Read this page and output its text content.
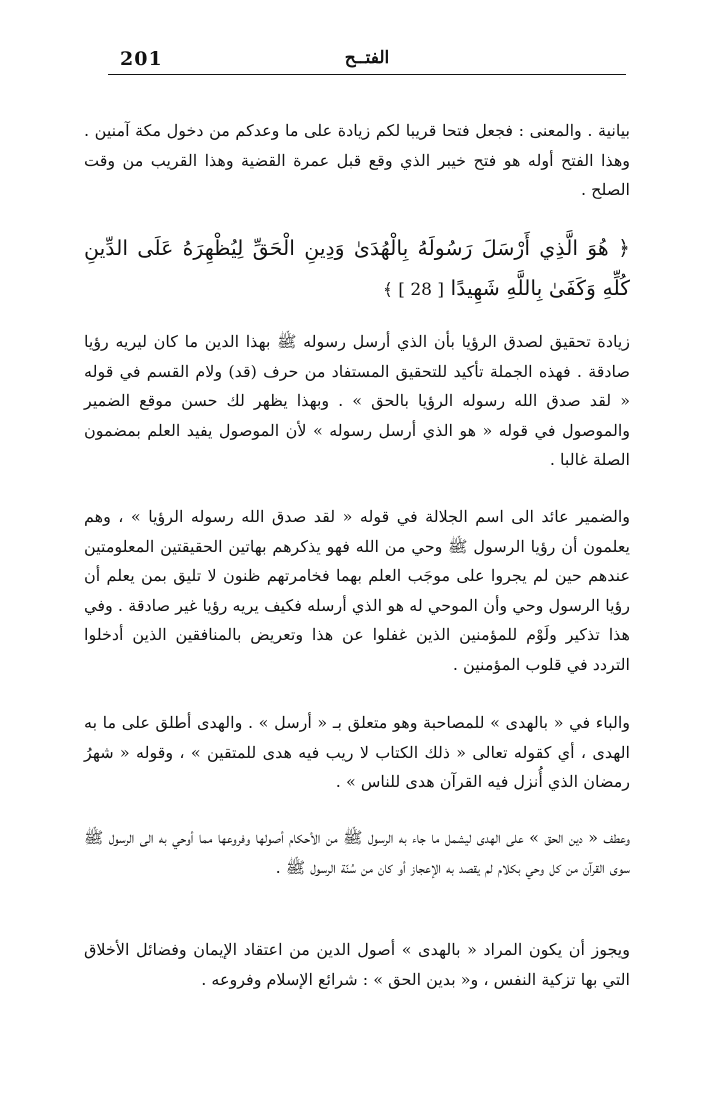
201	الفتــح

بيانية . والمعنى : فجعل فتحا قريبا لكم زيادة على ما وعدكم من دخول مكة آمنين . وهذا الفتح أوله هو فتح خيبر الذي وقع قبل عمرة القضية وهذا القريب من وقت الصلح .

﴿ هُوَ الَّذِي أَرْسَلَ رَسُولَهُ بِالْهُدَىٰ وَدِينِ الْحَقِّ لِيُظْهِرَهُ عَلَى الدِّينِ كُلِّهِ وَكَفَىٰ بِاللَّهِ شَهِيدًا [ 28 ] ﴾

زيادة تحقيق لصدق الرؤيا بأن الذي أرسل رسوله ﷺ بهذا الدين ما كان ليريه رؤيا صادقة . فهذه الجملة تأكيد للتحقيق المستفاد من حرف (قد) ولام القسم في قوله « لقد صدق الله رسوله الرؤيا بالحق » . وبهذا يظهر لك حسن موقع الضمير والموصول في قوله « هو الذي أرسل رسوله » لأن الموصول يفيد العلم بمضمون الصلة غالبا .

والضمير عائد الى اسم الجلالة في قوله « لقد صدق الله رسوله الرؤيا » ، وهم يعلمون أن رؤيا الرسول ﷺ وحي من الله فهو يذكرهم بهاتين الحقيقتين المعلومتين عندهم حين لم يجروا على موجَب العلم بهما فخامرتهم ظنون لا تليق بمن يعلم أن رؤيا الرسول وحي وأن الموحي له هو الذي أرسله فكيف يريه رؤيا غير صادقة . وفي هذا تذكير ولَوْم للمؤمنين الذين غفلوا عن هذا وتعريض بالمنافقين الذين أدخلوا التردد في قلوب المؤمنين .

والباء في « بالهدى » للمصاحبة وهو متعلق بـ « أرسل » . والهدى أطلق على ما به الهدى ، أي كقوله تعالى « ذلك الكتاب لا ريب فيه هدى للمتقين » ، وقوله « شهرُ رمضان الذي أُنزل فيه القرآن هدى للناس » .

وعطف « دين الحق » على الهدى ليشمل ما جاء به الرسول ﷺ من الأحكام أصولها وفروعها مما أوحي به الى الرسول ﷺ سوى القرآن من كل وحي بكلام لم يقصد به الإعجاز أو كان من سُنّة الرسول ﷺ .

ويجوز أن يكون المراد « بالهدى » أصول الدين من اعتقاد الإيمان وفضائل الأخلاق التي بها تزكية النفس ، و« بدين الحق » : شرائع الإسلام وفروعه .
